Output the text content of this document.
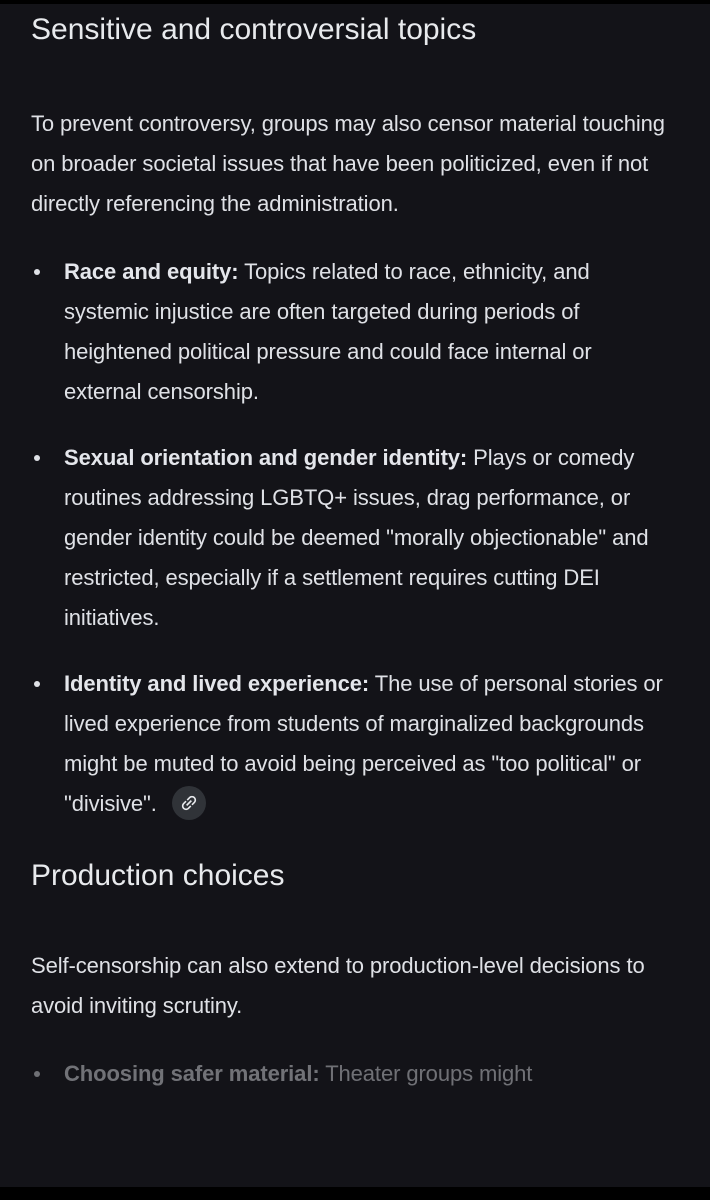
Sensitive and controversial topics

To prevent controversy, groups may also censor material touching on broader societal issues that have been politicized, even if not directly referencing the administration.

Race and equity: Topics related to race, ethnicity, and systemic injustice are often targeted during periods of heightened political pressure and could face internal or external censorship.
Sexual orientation and gender identity: Plays or comedy routines addressing LGBTQ+ issues, drag performance, or gender identity could be deemed "morally objectionable" and restricted, especially if a settlement requires cutting DEI initiatives.
Identity and lived experience: The use of personal stories or lived experience from students of marginalized backgrounds might be muted to avoid being perceived as "too political" or "divisive".
Production choices

Self-censorship can also extend to production-level decisions to avoid inviting scrutiny.

Choosing safer material: Theater groups might
